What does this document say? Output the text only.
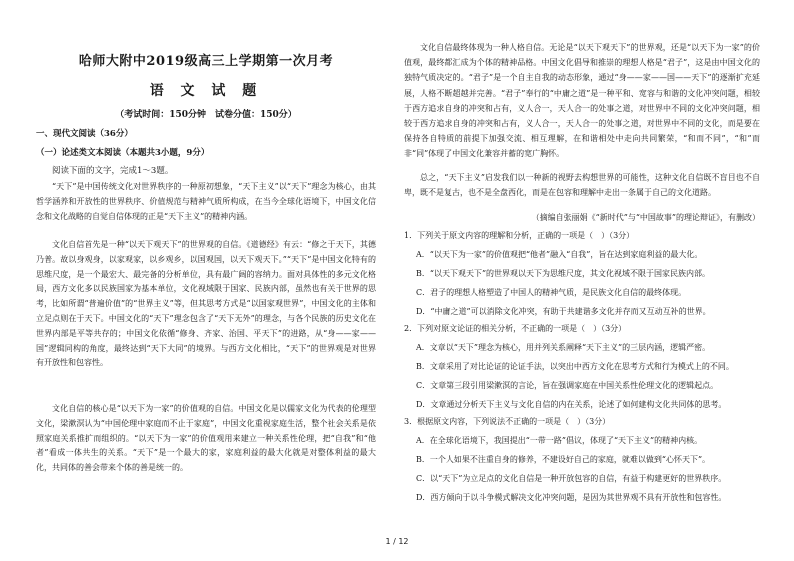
哈师大附中2019级高三上学期第一次月考
语 文 试 题
（考试时间：150分钟　试卷分值：150分）
一、现代文阅读（36分）
（一）论述类文本阅读（本题共3小题，9分）
阅读下面的文字，完成1～3题。

“天下”是中国传统文化对世界秩序的一种原初想象，“天下主义”以“天下”理念为核心，由其哲学涵养和开放性的世界秩序、价值规范与精神气质所构成，在当今全球化语境下，中国文化信念和文化战略的自觉自信体现的正是“天下主义”的精神内涵。

文化自信首先是一种“以天下观天下”的世界观的自信。《道德经》有云：“修之于天下，其德乃普。故以身观身，以家观家，以乡观乡，以国观国，以天下观天下。”“天下”是中国文化特有的思维尺度，是一个最宏大、最完备的分析单位，具有最广阔的容纳力。面对具体性的多元文化格局，西方文化多以民族国家为基本单位，文化视域限于国家、民族内部，虽然也有关于世界的思考，比如所谓“普遍价值”的“世界主义”等，但其思考方式是“以国家观世界”，中国文化的主体和立足点则在于天下。中国文化的“天下”理念包含了“天下无外”的理念，与各个民族的历史文化在世界内部是平等共存的；中国文化依循“修身、齐家、治国、平天下”的进路，从“身——家——国”逻辑同构的角度，最终达到“天下大同”的境界。与西方文化相比，“天下”的世界观是对世界有开放性和包容性。

文化自信的核心是“以天下为一家”的价值观的自信。中国文化是以儒家文化为代表的伦理型文化，梁漱溟认为“中国伦理中家庭而不止于家庭”，中国文化重视家庭生活，整个社会关系是依照家庭关系推扩而组织的。“以天下为一家”的价值观用来建立一种关系性伦理，把“自我”和“他者”看成一体共生的关系。“天下”是一个最大的家，家庭利益的最大化就是对整体利益的最大化，共同体的善会带来个体的善是统一的。

文化自信最终体现为一种人格自信。无论是“以天下观天下”的世界观，还是“以天下为一家”的价值观，最终都汇成为个体的精神品格。中国文化倡导和推崇的理想人格是“君子”，这是由中国文化的独特气质决定的。“君子”是一个自主自我的动态形象，通过“身——家——国——天下”的逐渐扩充延展，人格不断超越并完善。“君子”奉行的“中庸之道”是一种平和、宽容与和谐的文化冲突问题，相较于西方追求自身的冲突和占有，义人合一，天人合一的处事之道，对世界中不同的文化冲突问题，相较于西方追求自身的冲突和占有，义人合一，天人合一的处事之道，对世界中不同的文化，而是要在保持各自特质的前提下加强交流、相互理解，在和谐相处中走向共同繁荣，“和而不同”，“和”而非“同”体现了中国文化兼容并蓄的宽广胸怀。

总之，“天下主义”启发我们以一种新的视野去构想世界的可能性，这种文化自信既不盲目也不自卑，既不是复古，也不是全盘西化，而是在包容和理解中走出一条属于自己的文化道路。

（摘编自张丽娟《“新时代”与“中国故事”的理论辩证》，有删改）
1．下列关于原文内容的理解和分析，正确的一项是（　）（3分）
A．“以天下为一家”的价值观把“他者”融入“自我”，旨在达到家庭利益的最大化。
B．“以天下观天下”的世界观以天下为思维尺度，其文化视域不限于国家民族内部。
C．君子的理想人格塑造了中国人的精神气质，是民族文化自信的最终体现。
D．“中庸之道”可以消除文化冲突，有助于共建谐多文化并存而又互动互补的世界。
2．下列对原文论证的相关分析，不正确的一项是（　）（3分）
A．文章以“天下”理念为核心，用并列关系阐释“天下主义”的三层内涵，逻辑严密。
B．文章采用了对比论证的论证手法，以突出中西方文化在思考方式和行为模式上的不同。
C．文章第三段引用梁漱溟的言论，旨在强调家庭在中国关系性伦理文化的逻辑起点。
D．文章通过分析天下主义与文化自信的内在关系，论述了如何建构文化共同体的思考。
3．根据原文内容，下列说法不正确的一项是（　）（3分）
A．在全球化语境下，我国提出“一带一路”倡议，体现了“天下主义”的精神内核。
B．一个人如果不注重自身的修养，不建设好自己的家庭，就难以做到“心怀天下”。
C．以“天下”为立足点的文化自信是一种开放包容的自信，有益于构建更好的世界秩序。
D．西方倾向于以斗争模式解决文化冲突问题，是因为其世界观不具有开放性和包容性。
1 / 12
